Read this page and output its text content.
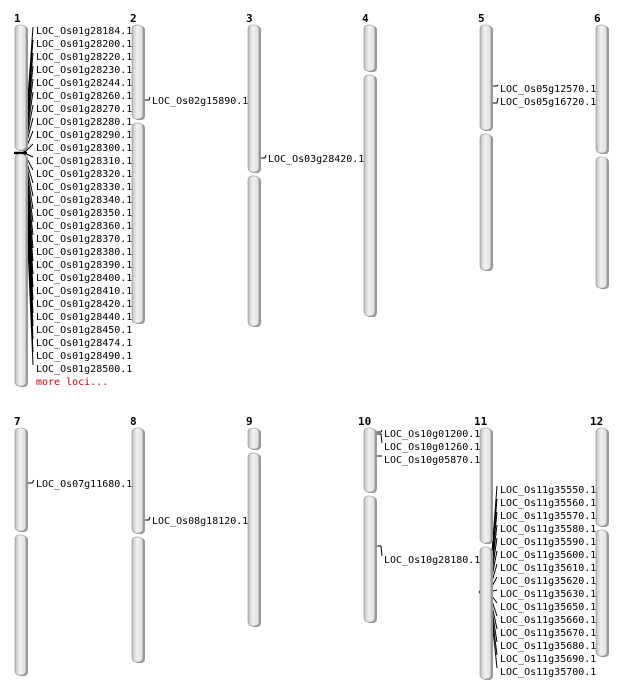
1
LOC_Os01g28184.1
LOC_Os01g28200.1
LOC_Os01g28220.1
LOC_Os01g28230.1
LOC_Os01g28244.1
LOC_Os01g28260.1
LOC_Os01g28270.1
LOC_Os01g28280.1
LOC_Os01g28290.1
LOC_Os01g28300.1
LOC_Os01g28310.1
LOC_Os01g28320.1
LOC_Os01g28330.1
LOC_Os01g28340.1
LOC_Os01g28350.1
LOC_Os01g28360.1
LOC_Os01g28370.1
LOC_Os01g28380.1
LOC_Os01g28390.1
LOC_Os01g28400.1
LOC_Os01g28410.1
LOC_Os01g28420.1
LOC_Os01g28440.1
LOC_Os01g28450.1
LOC_Os01g28474.1
LOC_Os01g28490.1
LOC_Os01g28500.1
more loci...
2
LOC_Os02g15890.1
3
LOC_Os03g28420.1
4	5
LOC_Os05g12570.1
LOC_Os05g16720.1
6
7
LOC_Os07g11680.1
8
LOC_Os08g18120.1
9	10
LOC_Os10g01200.1
LOC_Os10g01260.1
LOC_Os10g05870.1
LOC_Os10g28180.1
11
LOC_Os11g35550.1
LOC_Os11g35560.1
LOC_Os11g35570.1
LOC_Os11g35580.1
LOC_Os11g35590.1
LOC_Os11g35600.1
LOC_Os11g35610.1
LOC_Os11g35620.1
LOC_Os11g35630.1
LOC_Os11g35650.1
LOC_Os11g35660.1
LOC_Os11g35670.1
LOC_Os11g35680.1
LOC_Os11g35690.1
LOC_Os11g35700.1
12
